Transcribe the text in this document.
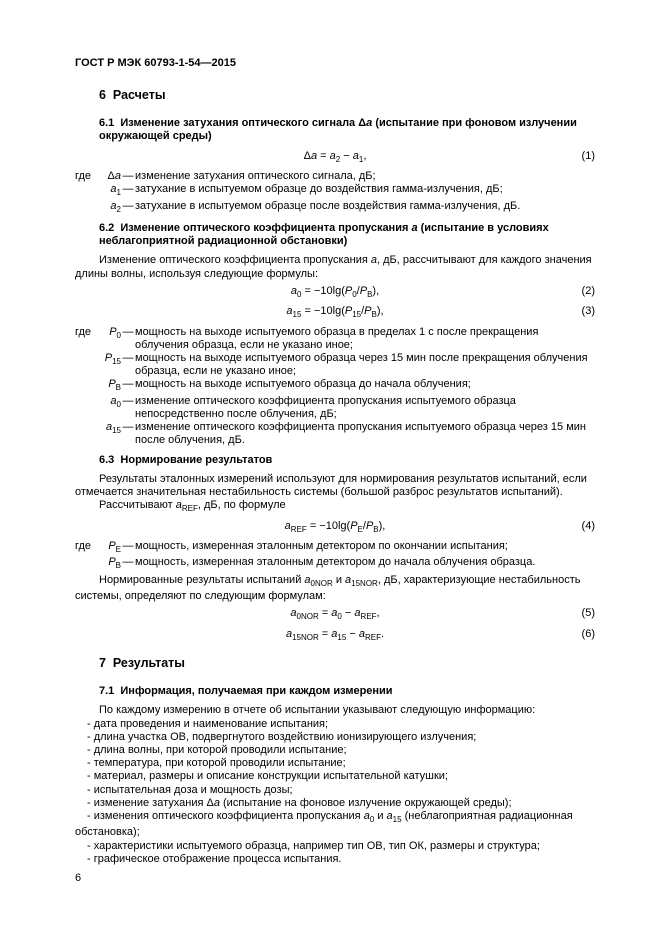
ГОСТ Р МЭК 60793-1-54—2015
6  Расчеты
6.1  Изменение затухания оптического сигнала Δa (испытание при фоновом излучении окружающей среды)
$\Delta a = a_2 - a_1$,	(1)
где	Δa — изменение затухания оптического сигнала, дБ;
$a_1$ — затухание в испытуемом образце до воздействия гамма-излучения, дБ;
$a_2$ — затухание в испытуемом образце после воздействия гамма-излучения, дБ.
6.2  Изменение оптического коэффициента пропускания a (испытание в условиях неблагоприятной радиационной обстановки)
Изменение оптического коэффициента пропускания a, дБ, рассчитывают для каждого значения длины волны, используя следующие формулы:
$a_0 = -10\lg(P_0/P_В)$,	(2)
$a_{15} = -10\lg(P_{15}/P_В)$,	(3)
где	$P_0$ — мощность на выходе испытуемого образца в пределах 1 с после прекращения облучения образца, если не указано иное;
$P_{15}$ — мощность на выходе испытуемого образца через 15 мин после прекращения облучения образца, если не указано иное;
$P_В$ — мощность на выходе испытуемого образца до начала облучения;
$a_0$ — изменение оптического коэффициента пропускания испытуемого образца непосредственно после облучения, дБ;
$a_{15}$ — изменение оптического коэффициента пропускания испытуемого образца через 15 мин после облучения, дБ.
6.3  Нормирование результатов
Результаты эталонных измерений используют для нормирования результатов испытаний, если отмечается значительная нестабильность системы (большой разброс результатов испытаний).
Рассчитывают $a_{REF}$, дБ, по формуле
$a_{REF} = -10\lg(P_Е/P_В)$,	(4)
где	$P_Е$ — мощность, измеренная эталонным детектором по окончании испытания;
$P_В$ — мощность, измеренная эталонным детектором до начала облучения образца.
Нормированные результаты испытаний $a_{0NOR}$ и $a_{15NOR}$, дБ, характеризующие нестабильность системы, определяют по следующим формулам:
$a_{0NOR} = a_0 - a_{REF}$,	(5)
$a_{15NOR} = a_{15} - a_{REF}$.	(6)
7  Результаты
7.1  Информация, получаемая при каждом измерении
По каждому измерению в отчете об испытании указывают следующую информацию:
- дата проведения и наименование испытания;
- длина участка ОВ, подвергнутого воздействию ионизирующего излучения;
- длина волны, при которой проводили испытание;
- температура, при которой проводили испытание;
- материал, размеры и описание конструкции испытательной катушки;
- испытательная доза и мощность дозы;
- изменение затухания Δa (испытание на фоновое излучение окружающей среды);
- изменения оптического коэффициента пропускания $a_0$ и $a_{15}$ (неблагоприятная радиационная обстановка);
- характеристики испытуемого образца, например тип ОВ, тип ОК, размеры и структура;
- графическое отображение процесса испытания.
6
